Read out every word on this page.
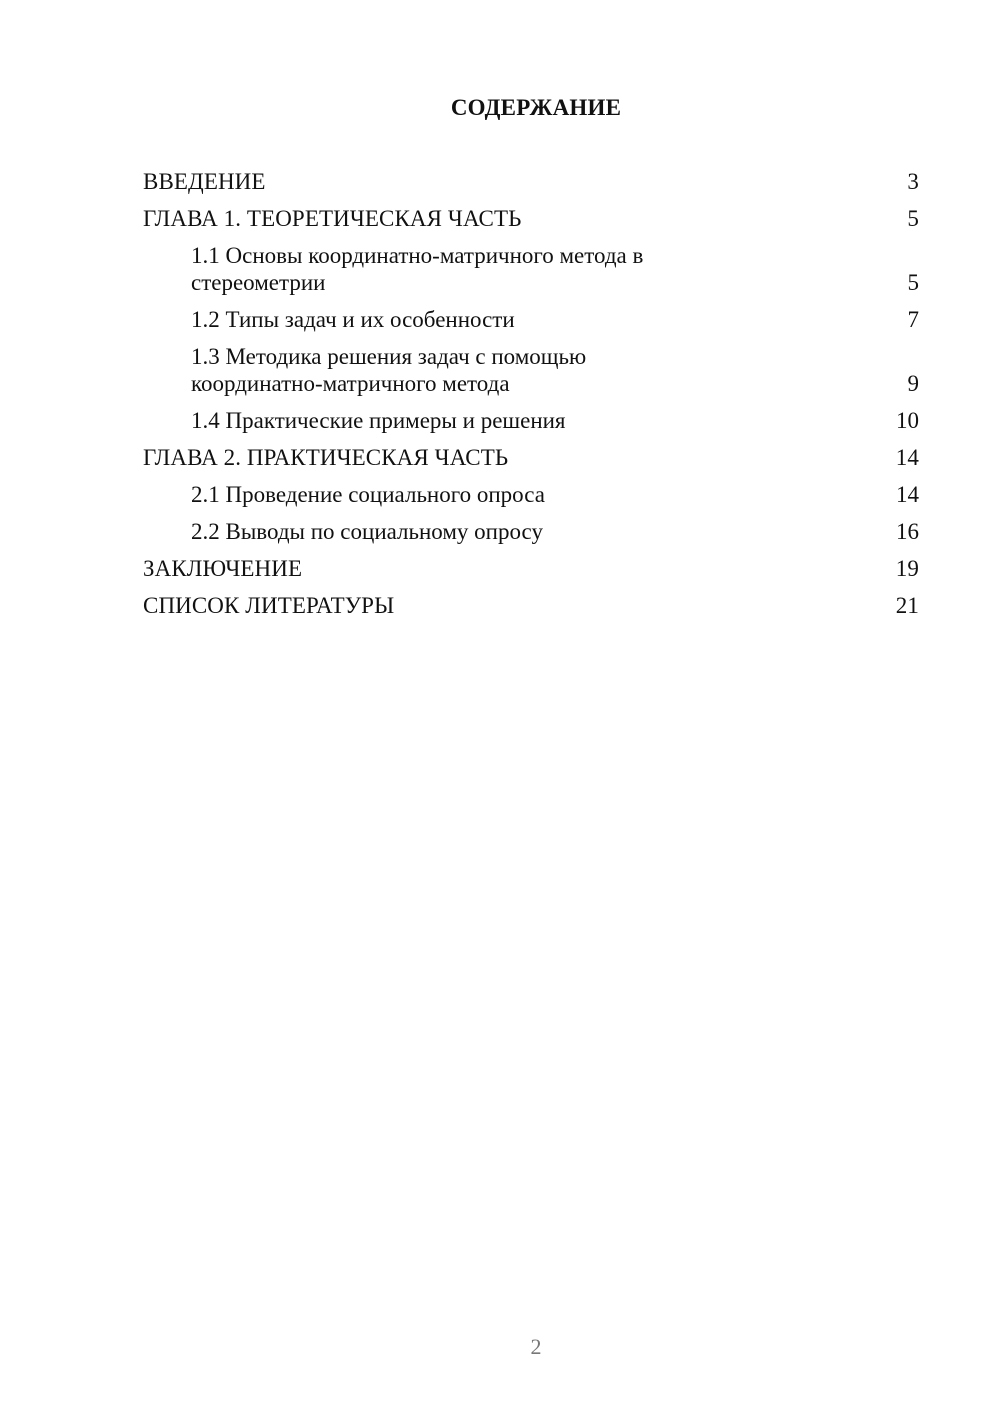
СОДЕРЖАНИЕ
ВВЕДЕНИЕ	3
ГЛАВА 1. ТЕОРЕТИЧЕСКАЯ ЧАСТЬ	5
1.1 Основы координатно-матричного метода в стереометрии	5
1.2 Типы задач и их особенности	7
1.3 Методика решения задач с помощью координатно-матричного метода	9
1.4 Практические примеры и решения	10
ГЛАВА 2. ПРАКТИЧЕСКАЯ ЧАСТЬ	14
2.1 Проведение социального опроса	14
2.2 Выводы по социальному опросу	16
ЗАКЛЮЧЕНИЕ	19
СПИСОК ЛИТЕРАТУРЫ	21
2
